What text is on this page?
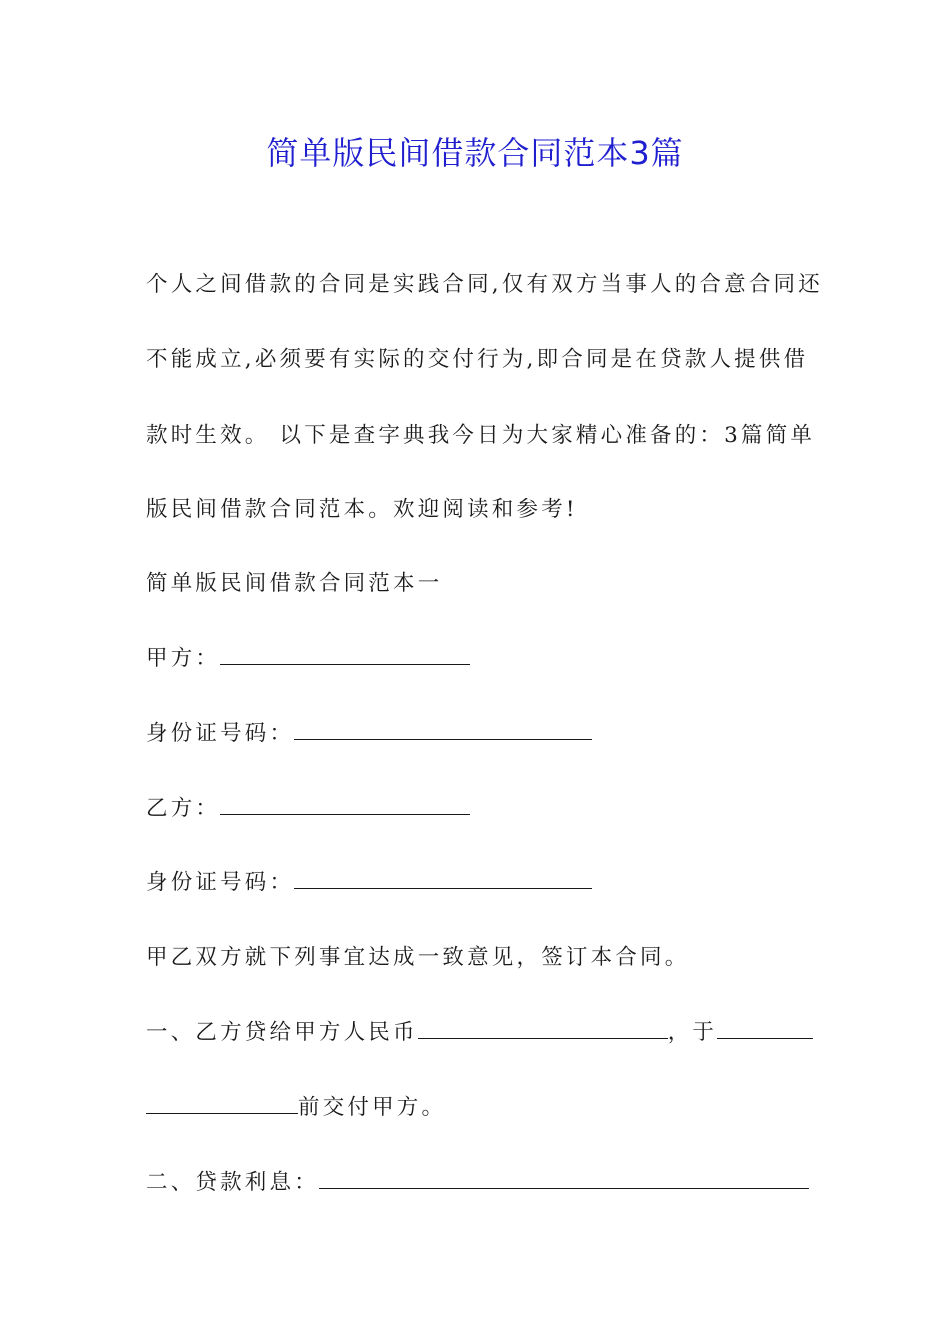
简单版民间借款合同范本3篇
个人之间借款的合同是实践合同,仅有双方当事人的合意合同还
不能成立,必须要有实际的交付行为,即合同是在贷款人提供借
款时生效。 以下是查字典我今日为大家精心准备的：3篇简单
版民间借款合同范本。欢迎阅读和参考!
简单版民间借款合同范本一
甲方：
身份证号码：
乙方：
身份证号码：
甲乙双方就下列事宜达成一致意见，签订本合同。
一、乙方贷给甲方人民币	，于
前交付甲方。
二、贷款利息：
